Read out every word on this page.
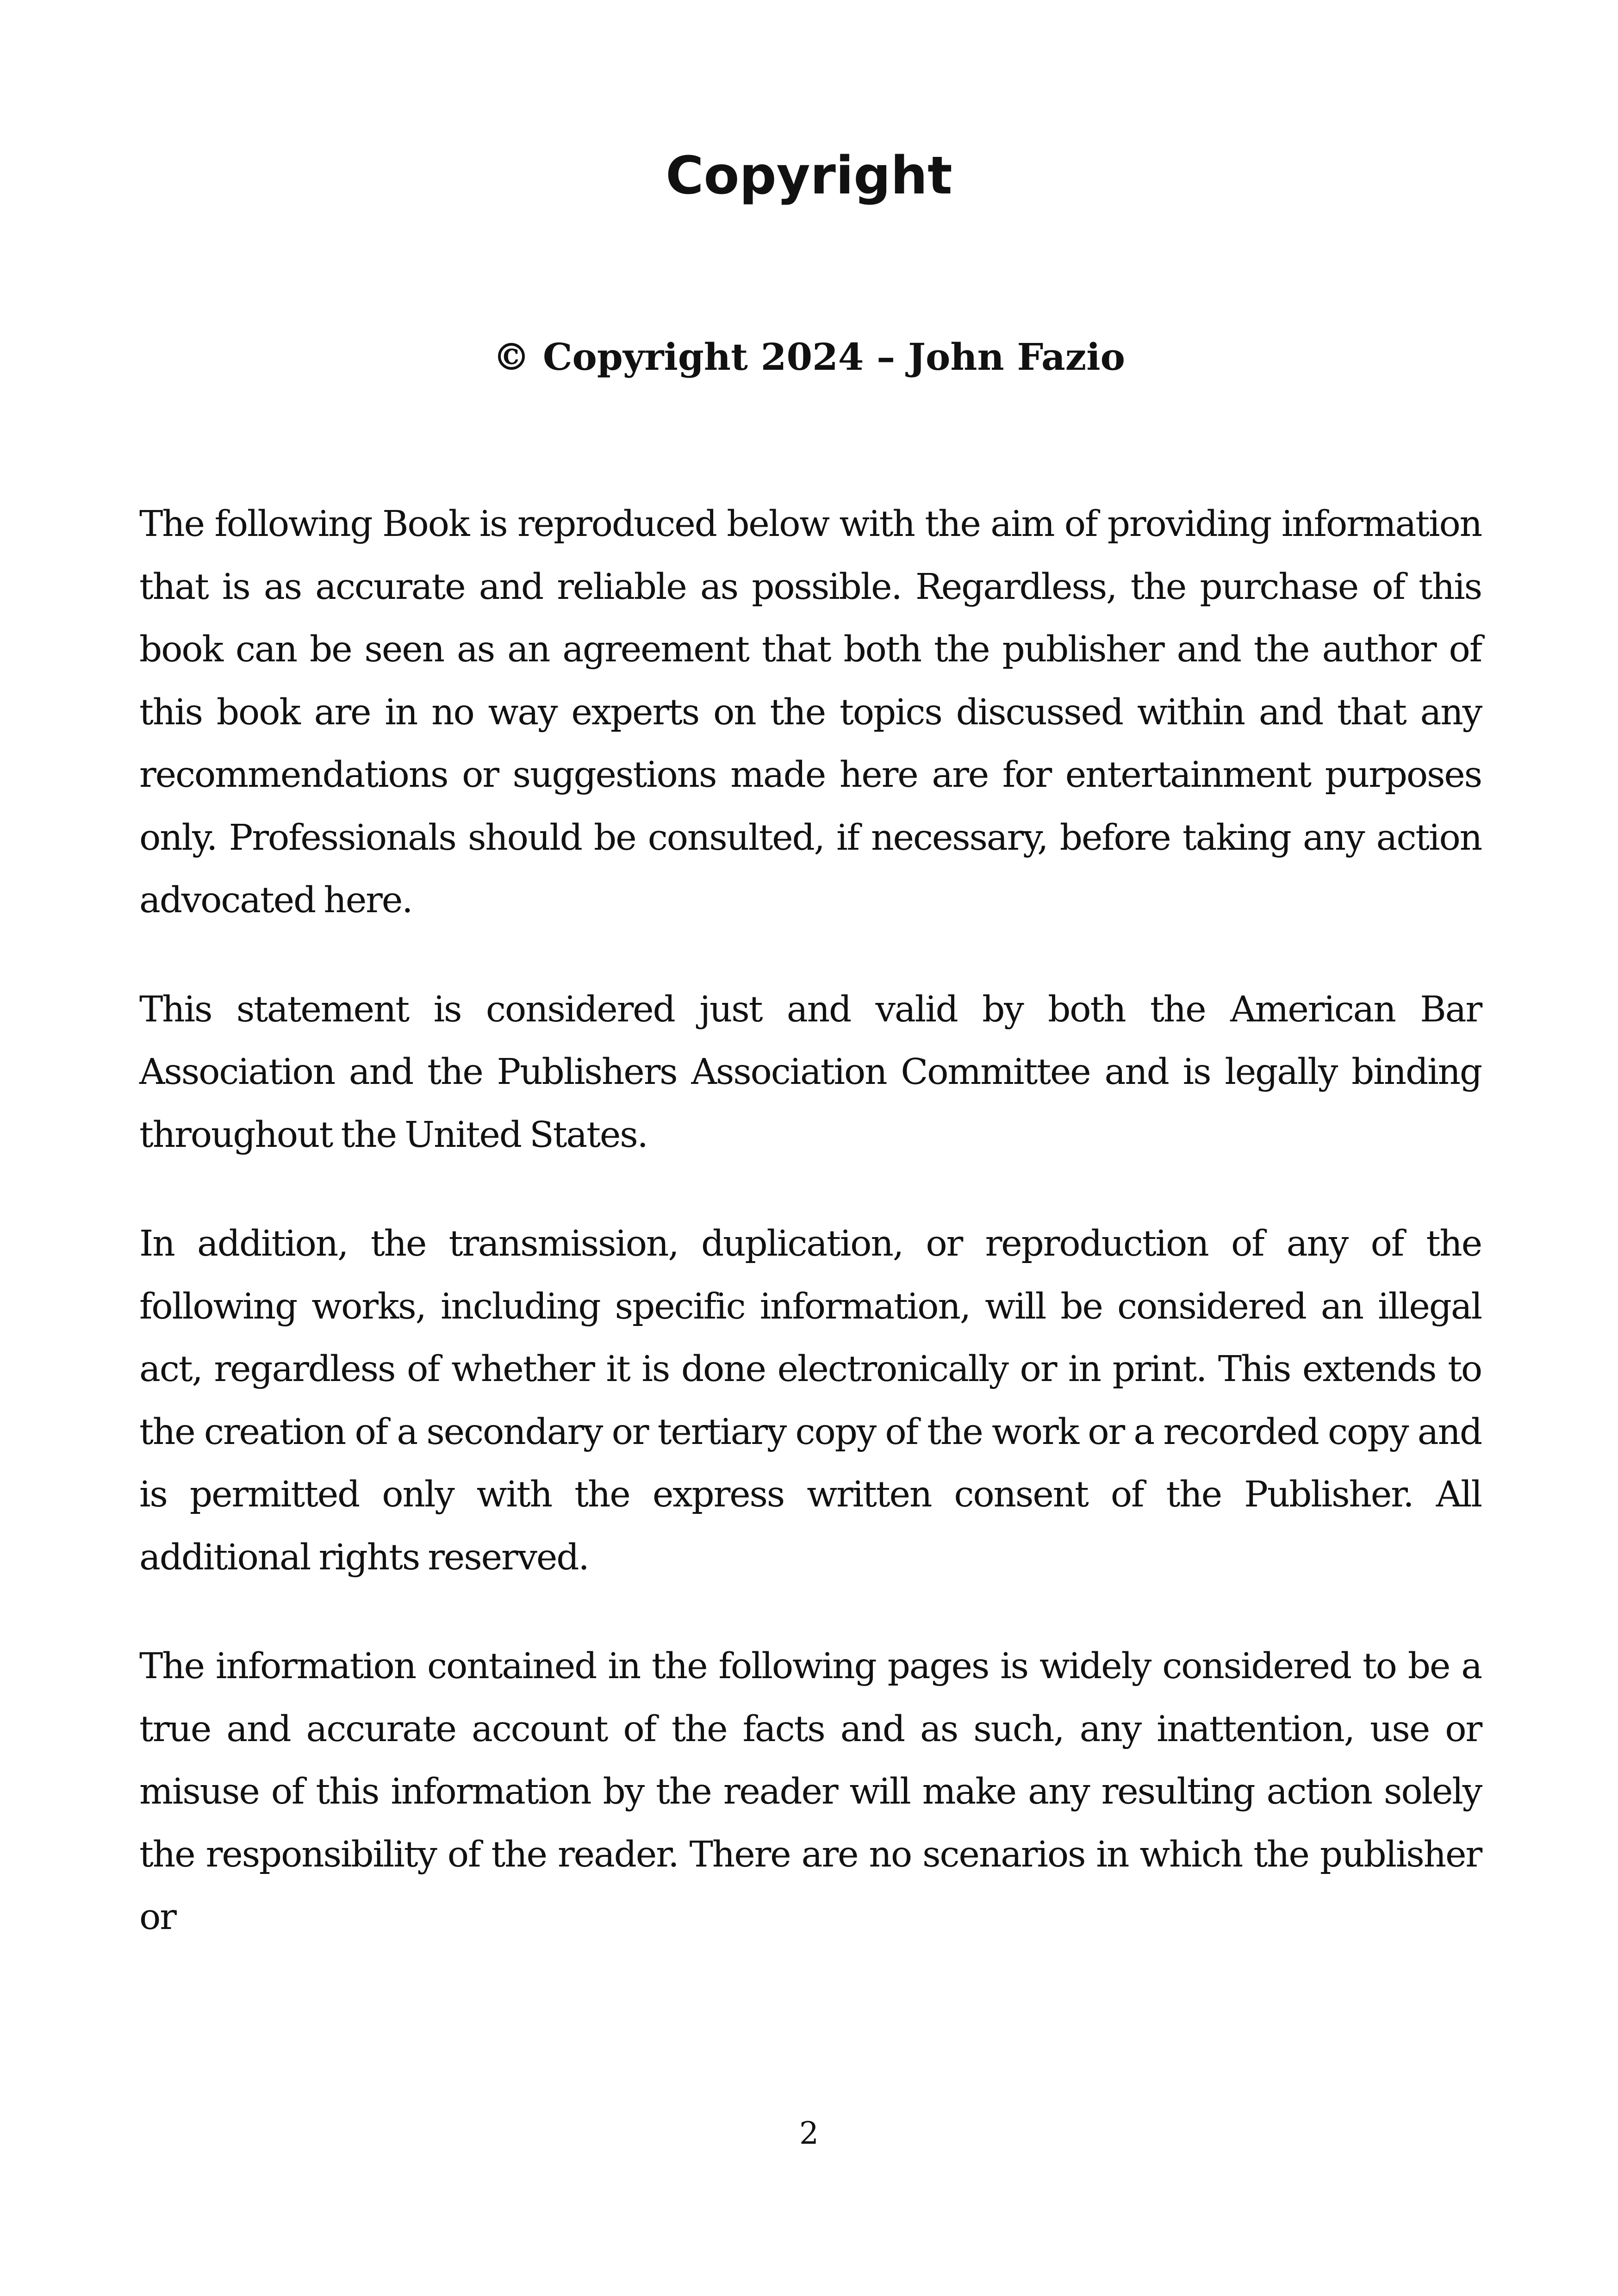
Copyright

© Copyright 2024 – John Fazio

The following Book is reproduced below with the aim of providing information that is as accurate and reliable as possible. Regardless, the purchase of this book can be seen as an agreement that both the publisher and the author of this book are in no way experts on the topics discussed within and that any recommendations or suggestions made here are for entertainment purposes only. Professionals should be consulted, if necessary, before taking any action advocated here.

This statement is considered just and valid by both the American Bar Association and the Publishers Association Committee and is legally binding throughout the United States.

In addition, the transmission, duplication, or reproduction of any of the following works, including specific information, will be considered an illegal act, regardless of whether it is done electronically or in print. This extends to the creation of a secondary or tertiary copy of the work or a recorded copy and is permitted only with the express written consent of the Publisher. All additional rights reserved.

The information contained in the following pages is widely considered to be a true and accurate account of the facts and as such, any inattention, use or misuse of this information by the reader will make any resulting action solely the responsibility of the reader. There are no scenarios in which the publisher or

2
